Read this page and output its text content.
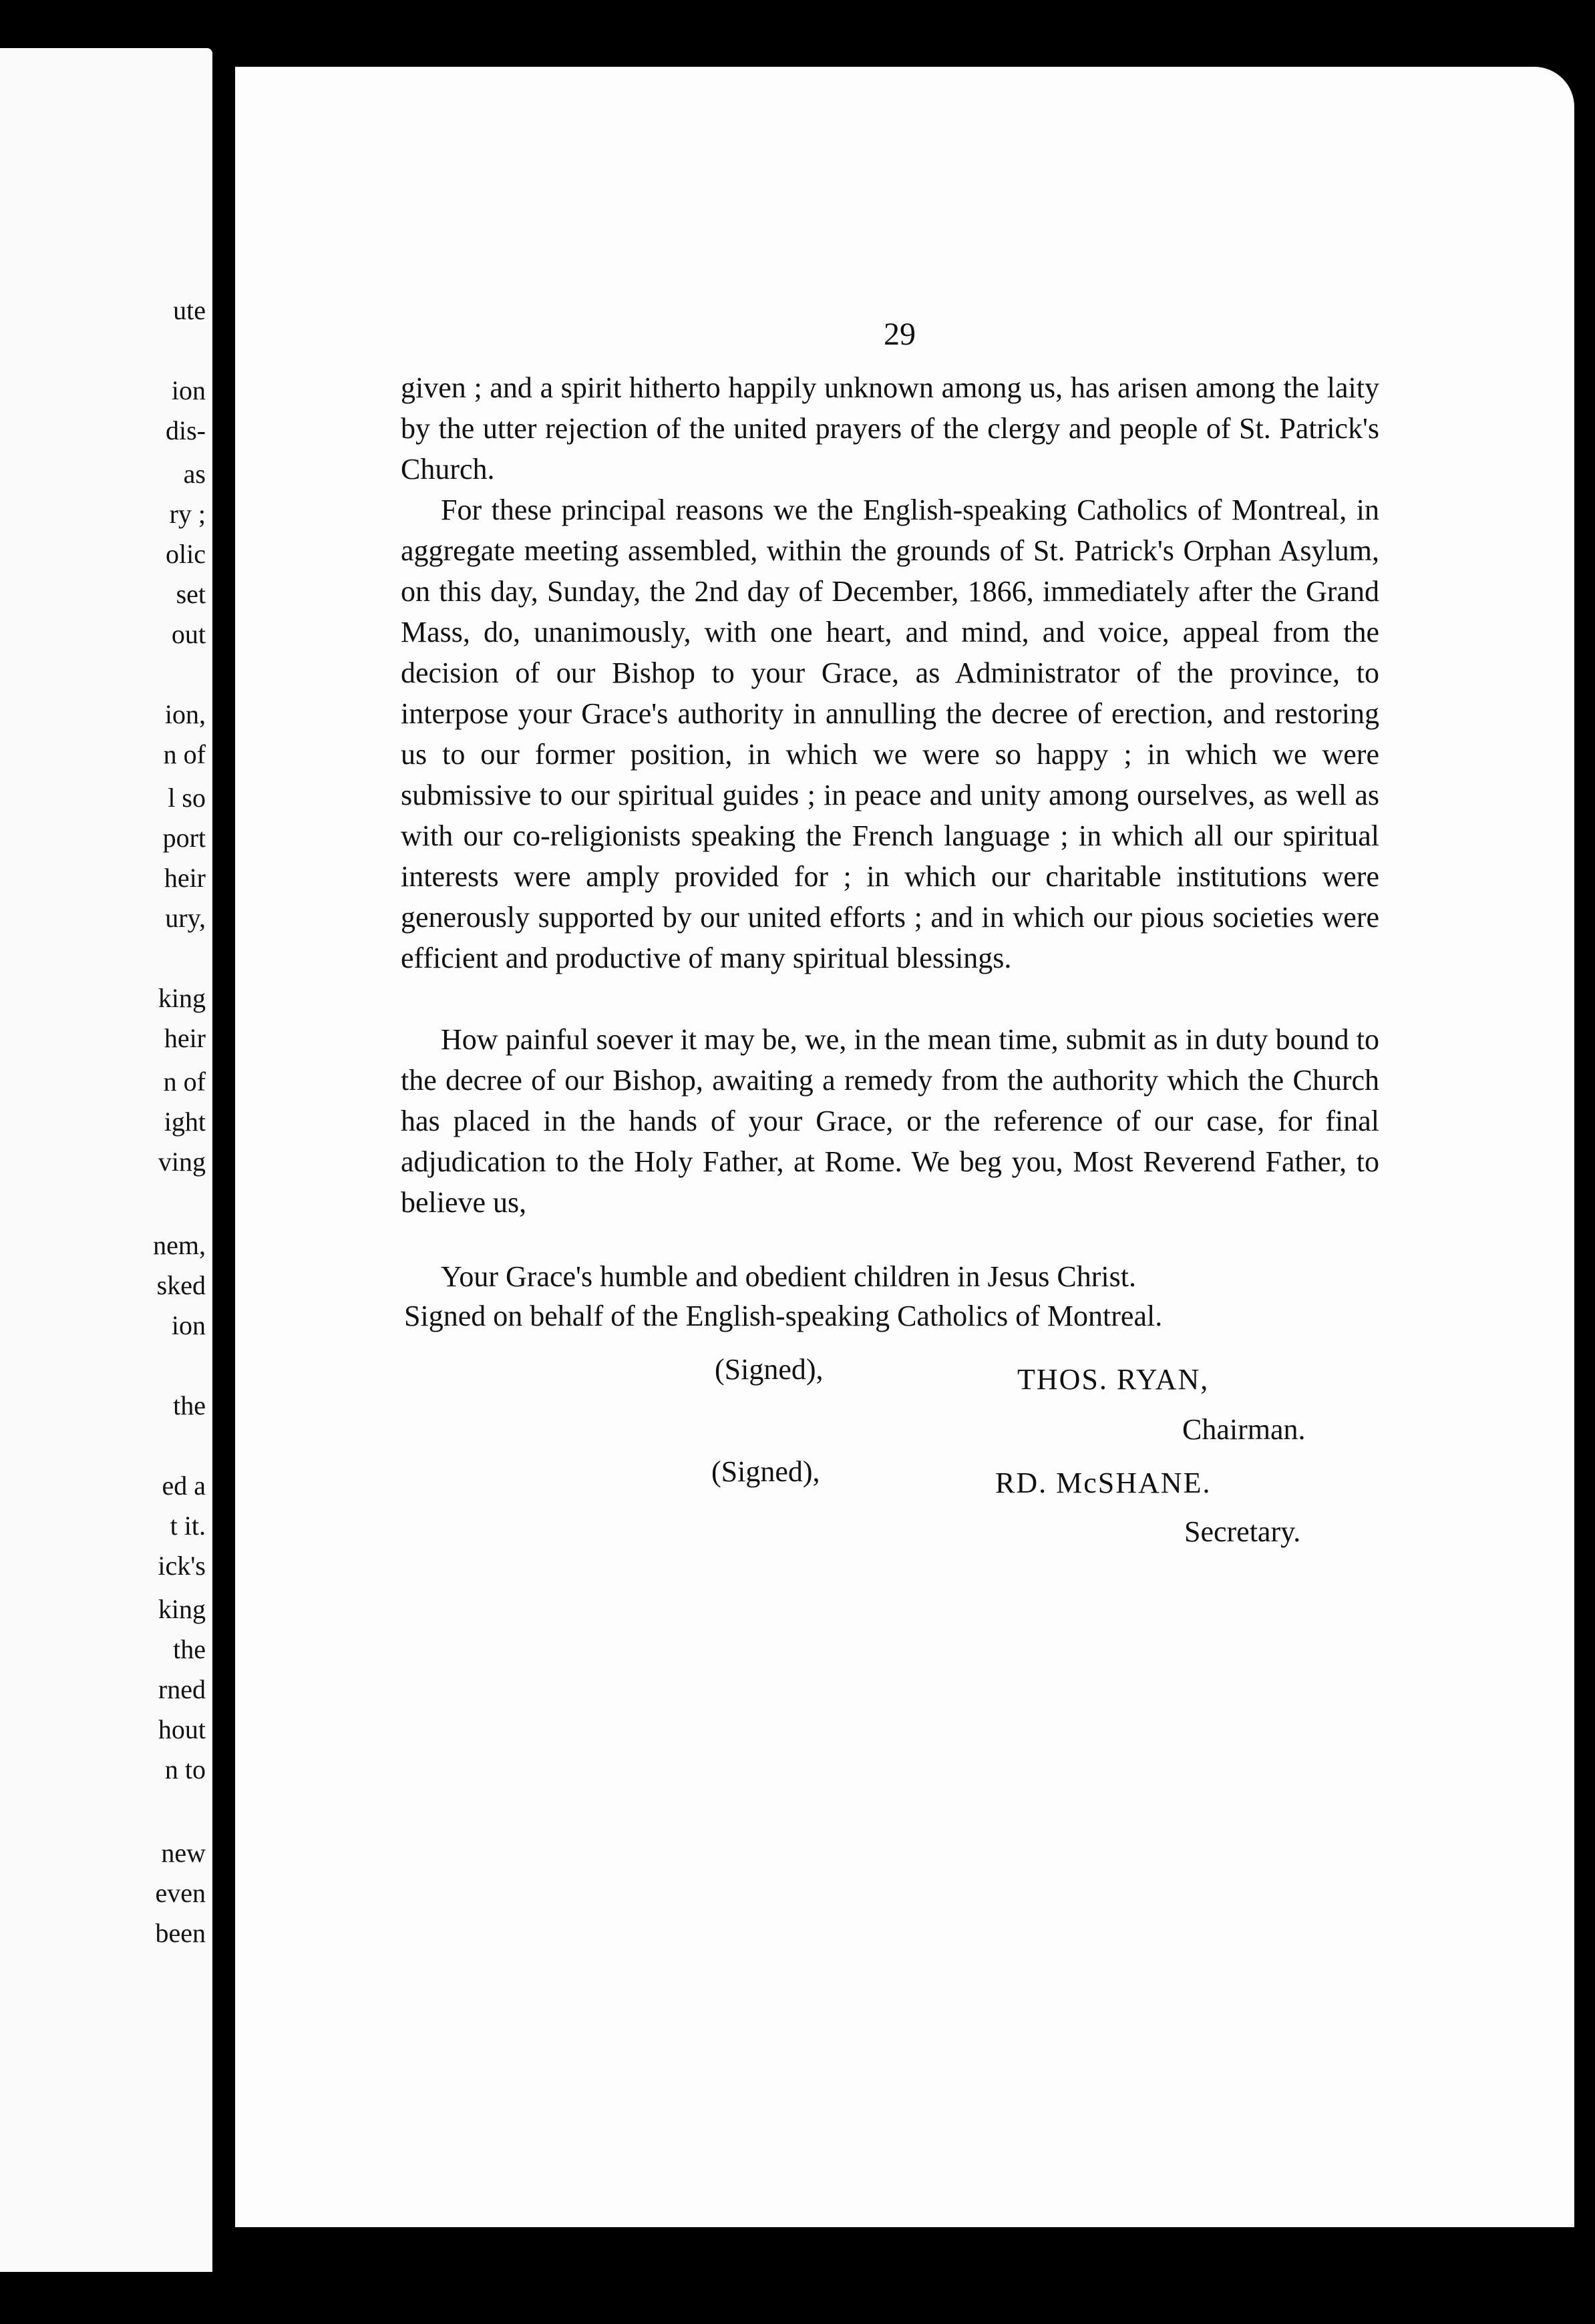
ute
ion
dis-
as
ry ;
olic
set
out
ion,
n of
l so
port
heir
ury,
king
heir
n of
ight
ving
nem,
sked
ion
the
ed a
t it.
ick's
king
the
rned
hout
n to
new
even
been
29
given ; and a spirit hitherto happily unknown among us, has arisen among the laity by the utter rejection of the united prayers of the clergy and people of St. Patrick's Church.
For these principal reasons we the English-speaking Catholics of Montreal, in aggregate meeting assembled, within the grounds of St. Patrick's Orphan Asylum, on this day, Sunday, the 2nd day of December, 1866, immediately after the Grand Mass, do, unanimously, with one heart, and mind, and voice, appeal from the decision of our Bishop to your Grace, as Administrator of the province, to interpose your Grace's authority in annulling the decree of erection, and restoring us to our former position, in which we were so happy ; in which we were submissive to our spiritual guides ; in peace and unity among ourselves, as well as with our co-religionists speaking the French language ; in which all our spiritual interests were amply provided for ; in which our charitable institutions were generously supported by our united efforts ; and in which our pious societies were efficient and productive of many spiritual blessings.
How painful soever it may be, we, in the mean time, submit as in duty bound to the decree of our Bishop, awaiting a remedy from the authority which the Church has placed in the hands of your Grace, or the reference of our case, for final adjudication to the Holy Father, at Rome. We beg you, Most Reverend Father, to believe us,
Your Grace's humble and obedient children in Jesus Christ.
Signed on behalf of the English-speaking Catholics of Montreal.
(Signed),	THOS. RYAN,
Chairman.
(Signed),	RD. McSHANE.
Secretary.
